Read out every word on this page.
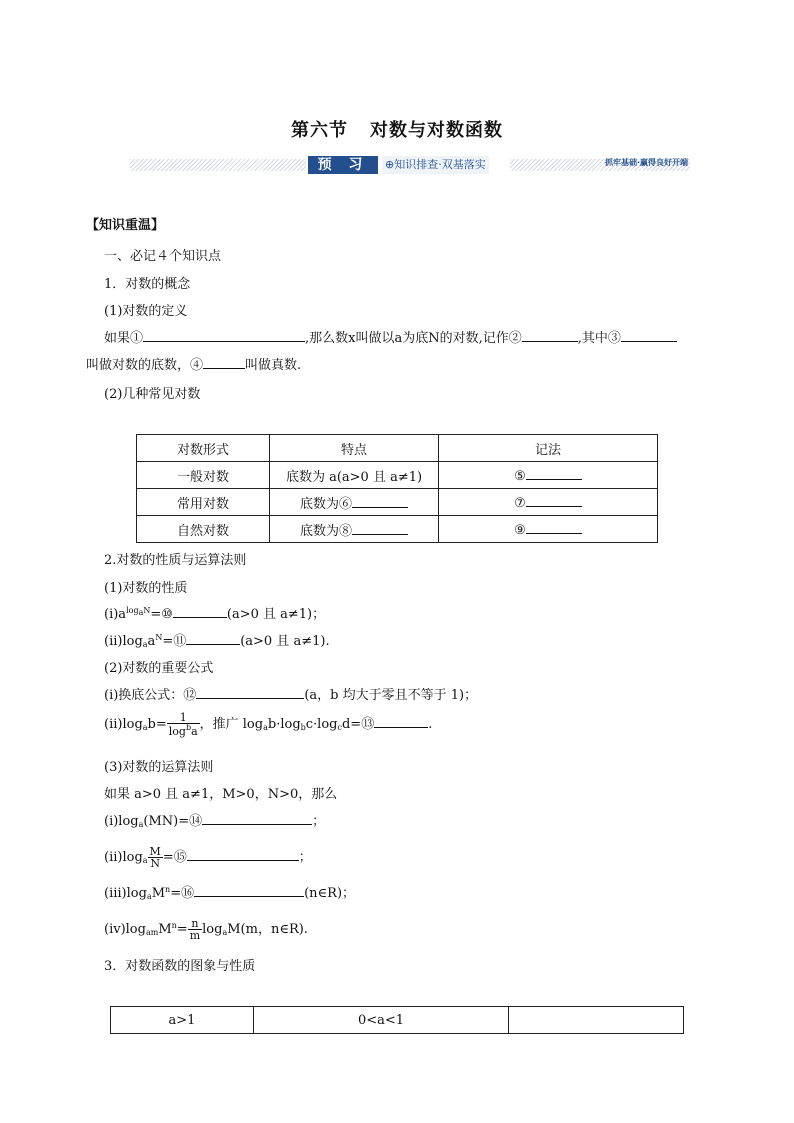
第六节 对数与对数函数
预 习	⊕知识排查·双基落实	抓牢基础·赢得良好开端
【知识重温】
一、必记４个知识点
1．对数的概念
(1)对数的定义
如果①	,那么数x叫做以a为底N的对数,记作②	,其中③
叫做对数的底数，④	叫做真数.
(2)几种常见对数
对数形式	特点	记法
一般对数	底数为 a(a>0 且 a≠1)	⑤
常用对数	底数为⑥	⑦
自然对数	底数为⑧	⑨
2.对数的性质与运算法则
(1)对数的性质
$(ⅰ)a^{log_aN}=⑩$	(a>0 且 a≠1)；
$(ⅱ)\log_aa^N=⑪$	(a>0 且 a≠1).
(2)对数的重要公式
(ⅰ)换底公式：⑫	(a，b 均大于零且不等于 1)；
$(ⅱ)\log_ab= \frac{1}{\log^ba}$ ，推广 $\log_ab\cdot\log_bc\cdot\log_cd=⑬$	.
(3)对数的运算法则
如果 a>0 且 a≠1，M>0，N>0，那么
$(ⅰ)\log_a(MN)=⑭$	；
$(ⅱ)\log_a \frac{M}{N}$ =⑮	；
$(ⅲ)\log_aM^n=⑯$	(n∈R)；
$(ⅳ)\log_{am}M^n= \frac{n}{m} \log_aM(m$，n∈R).
3．对数函数的图象与性质
a>1	0<a<1	
